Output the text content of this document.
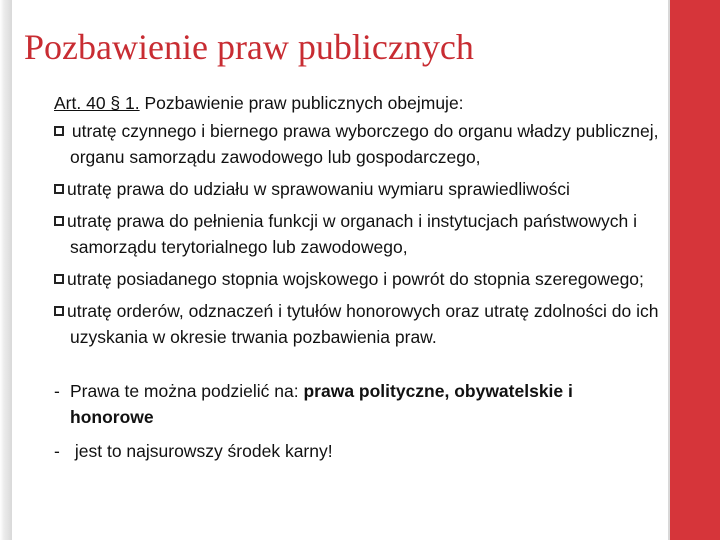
Pozbawienie praw publicznych

Art. 40 § 1. Pozbawienie praw publicznych obejmuje:

utratę czynnego i biernego prawa wyborczego do organu władzy publicznej, organu samorządu zawodowego lub gospodarczego,
utratę prawa do udziału w sprawowaniu wymiaru sprawiedliwości
utratę prawa do pełnienia funkcji w organach i instytucjach państwowych i samorządu terytorialnego lub zawodowego,
utratę posiadanego stopnia wojskowego i powrót do stopnia szeregowego;
utratę orderów, odznaczeń i tytułów honorowych oraz utratę zdolności do ich uzyskania w okresie trwania pozbawienia praw.
- Prawa te można podzielić na: prawa polityczne, obywatelskie i honorowe
- jest to najsurowszy środek karny!
